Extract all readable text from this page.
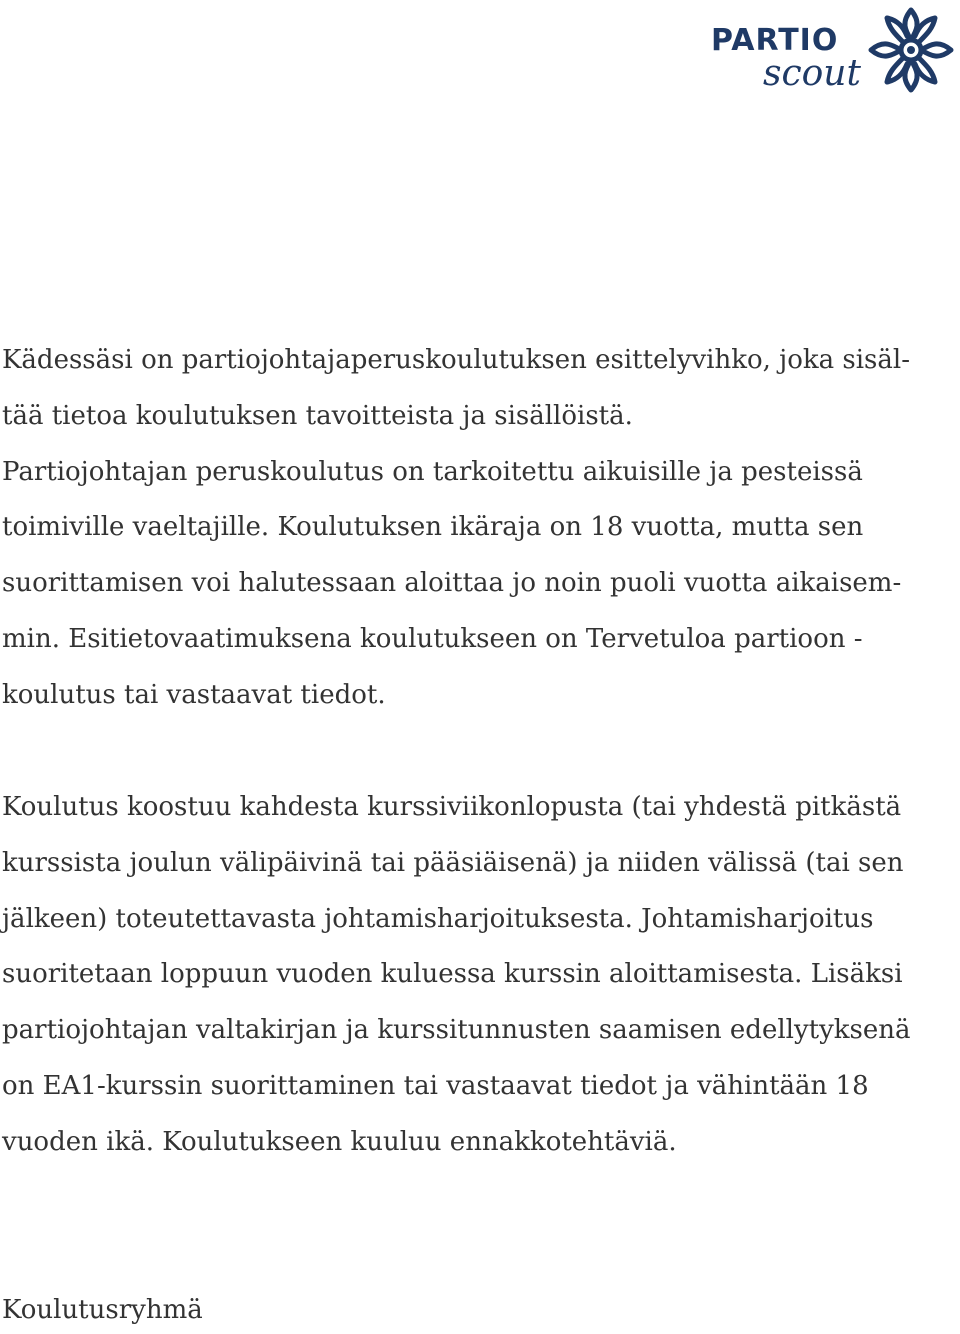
PARTIO
scout

Kädessäsi on partiojohtajaperuskoulutuksen esittelyvihko, joka sisäl-
tää tietoa koulutuksen tavoitteista ja sisällöistä.
Partiojohtajan peruskoulutus on tarkoitettu aikuisille ja pesteissä
toimiville vaeltajille. Koulutuksen ikäraja on 18 vuotta, mutta sen
suorittamisen voi halutessaan aloittaa jo noin puoli vuotta aikaisem-
min. Esitietovaatimuksena koulutukseen on Tervetuloa partioon -
koulutus tai vastaavat tiedot.

Koulutus koostuu kahdesta kurssiviikonlopusta (tai yhdestä pitkästä
kurssista joulun välipäivinä tai pääsiäisenä) ja niiden välissä (tai sen
jälkeen) toteutettavasta johtamisharjoituksesta. Johtamisharjoitus
suoritetaan loppuun vuoden kuluessa kurssin aloittamisesta. Lisäksi
partiojohtajan valtakirjan ja kurssitunnusten saamisen edellytyksenä
on EA1-kurssin suorittaminen tai vastaavat tiedot ja vähintään 18
vuoden ikä. Koulutukseen kuuluu ennakkotehtäviä.

Koulutusryhmä
